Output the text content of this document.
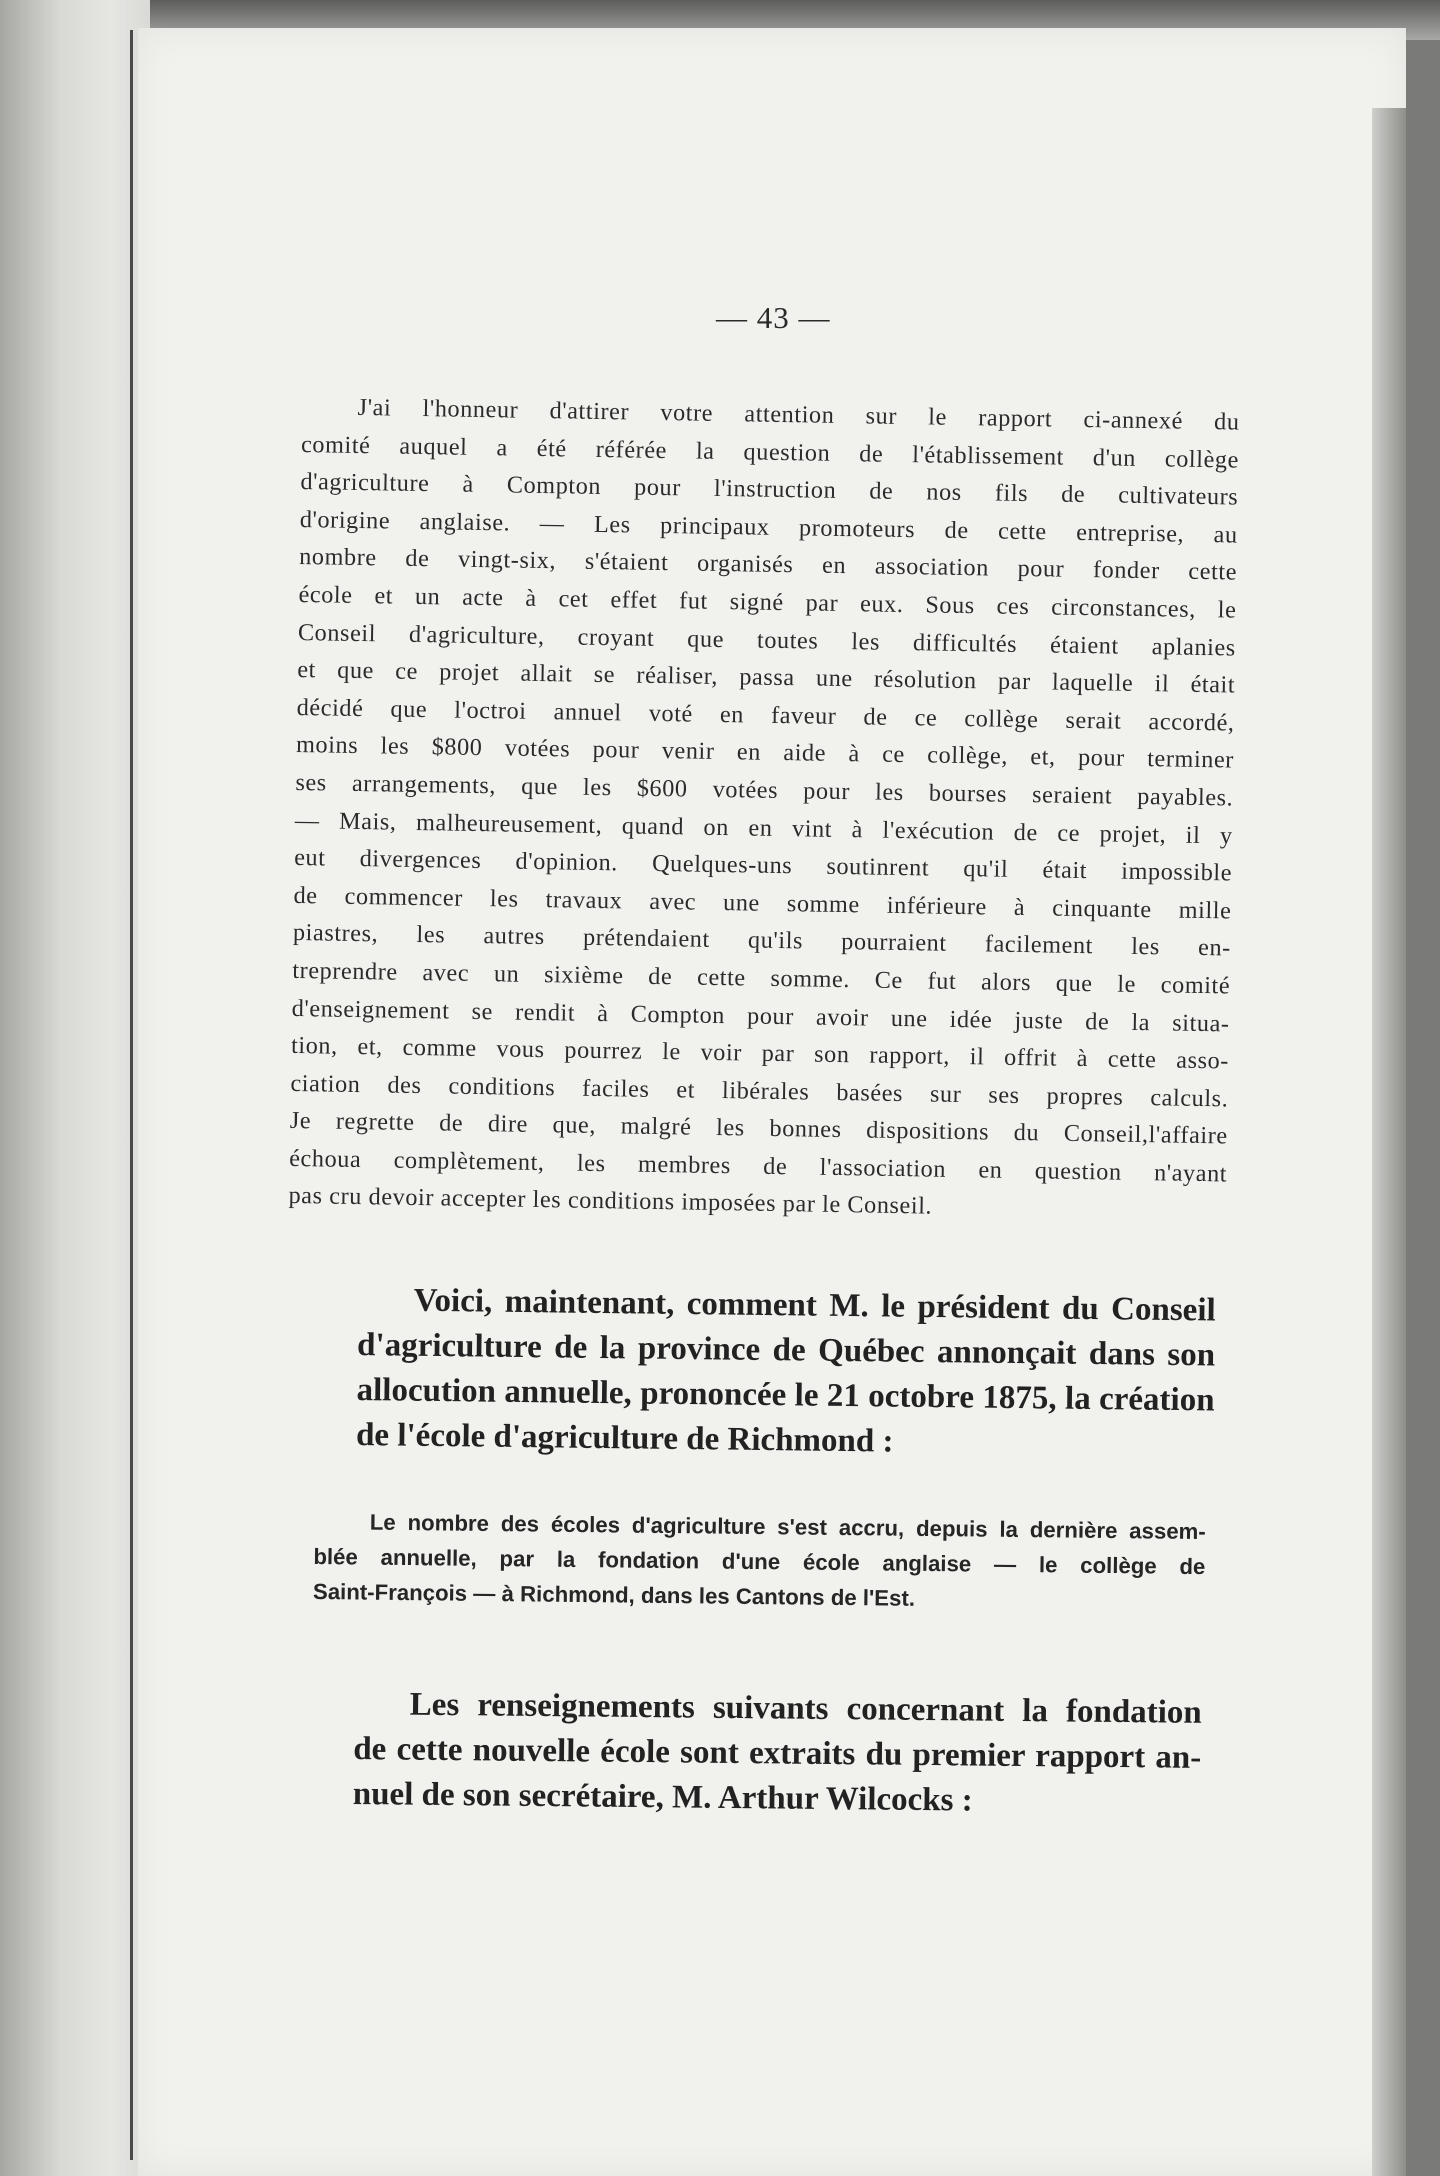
— 43 —
J'ai l'honneur d'attirer votre attention sur le rapport ci-annexé du
comité auquel a été référée la question de l'établissement d'un collège
d'agriculture à Compton pour l'instruction de nos fils de cultivateurs
d'origine anglaise. — Les principaux promoteurs de cette entreprise, au
nombre de vingt-six, s'étaient organisés en association pour fonder cette
école et un acte à cet effet fut signé par eux. Sous ces circonstances, le
Conseil d'agriculture, croyant que toutes les difficultés étaient aplanies
et que ce projet allait se réaliser, passa une résolution par laquelle il était
décidé que l'octroi annuel voté en faveur de ce collège serait accordé,
moins les $800 votées pour venir en aide à ce collège, et, pour terminer
ses arrangements, que les $600 votées pour les bourses seraient payables.
— Mais, malheureusement, quand on en vint à l'exécution de ce projet, il y
eut divergences d'opinion. Quelques-uns soutinrent qu'il était impossible
de commencer les travaux avec une somme inférieure à cinquante mille
piastres, les autres prétendaient qu'ils pourraient facilement les en-
treprendre avec un sixième de cette somme. Ce fut alors que le comité
d'enseignement se rendit à Compton pour avoir une idée juste de la situa-
tion, et, comme vous pourrez le voir par son rapport, il offrit à cette asso-
ciation des conditions faciles et libérales basées sur ses propres calculs.
Je regrette de dire que, malgré les bonnes dispositions du Conseil,l'affaire
échoua complètement, les membres de l'association en question n'ayant
pas cru devoir accepter les conditions imposées par le Conseil.
Voici, maintenant, comment M. le président du Conseil
d'agriculture de la province de Québec annonçait dans son
allocution annuelle, prononcée le 21 octobre 1875, la création
de l'école d'agriculture de Richmond :
Le nombre des écoles d'agriculture s'est accru, depuis la dernière assem-
blée annuelle, par la fondation d'une école anglaise — le collège de
Saint-François — à Richmond, dans les Cantons de l'Est.
Les renseignements suivants concernant la fondation
de cette nouvelle école sont extraits du premier rapport an-
nuel de son secrétaire, M. Arthur Wilcocks :
